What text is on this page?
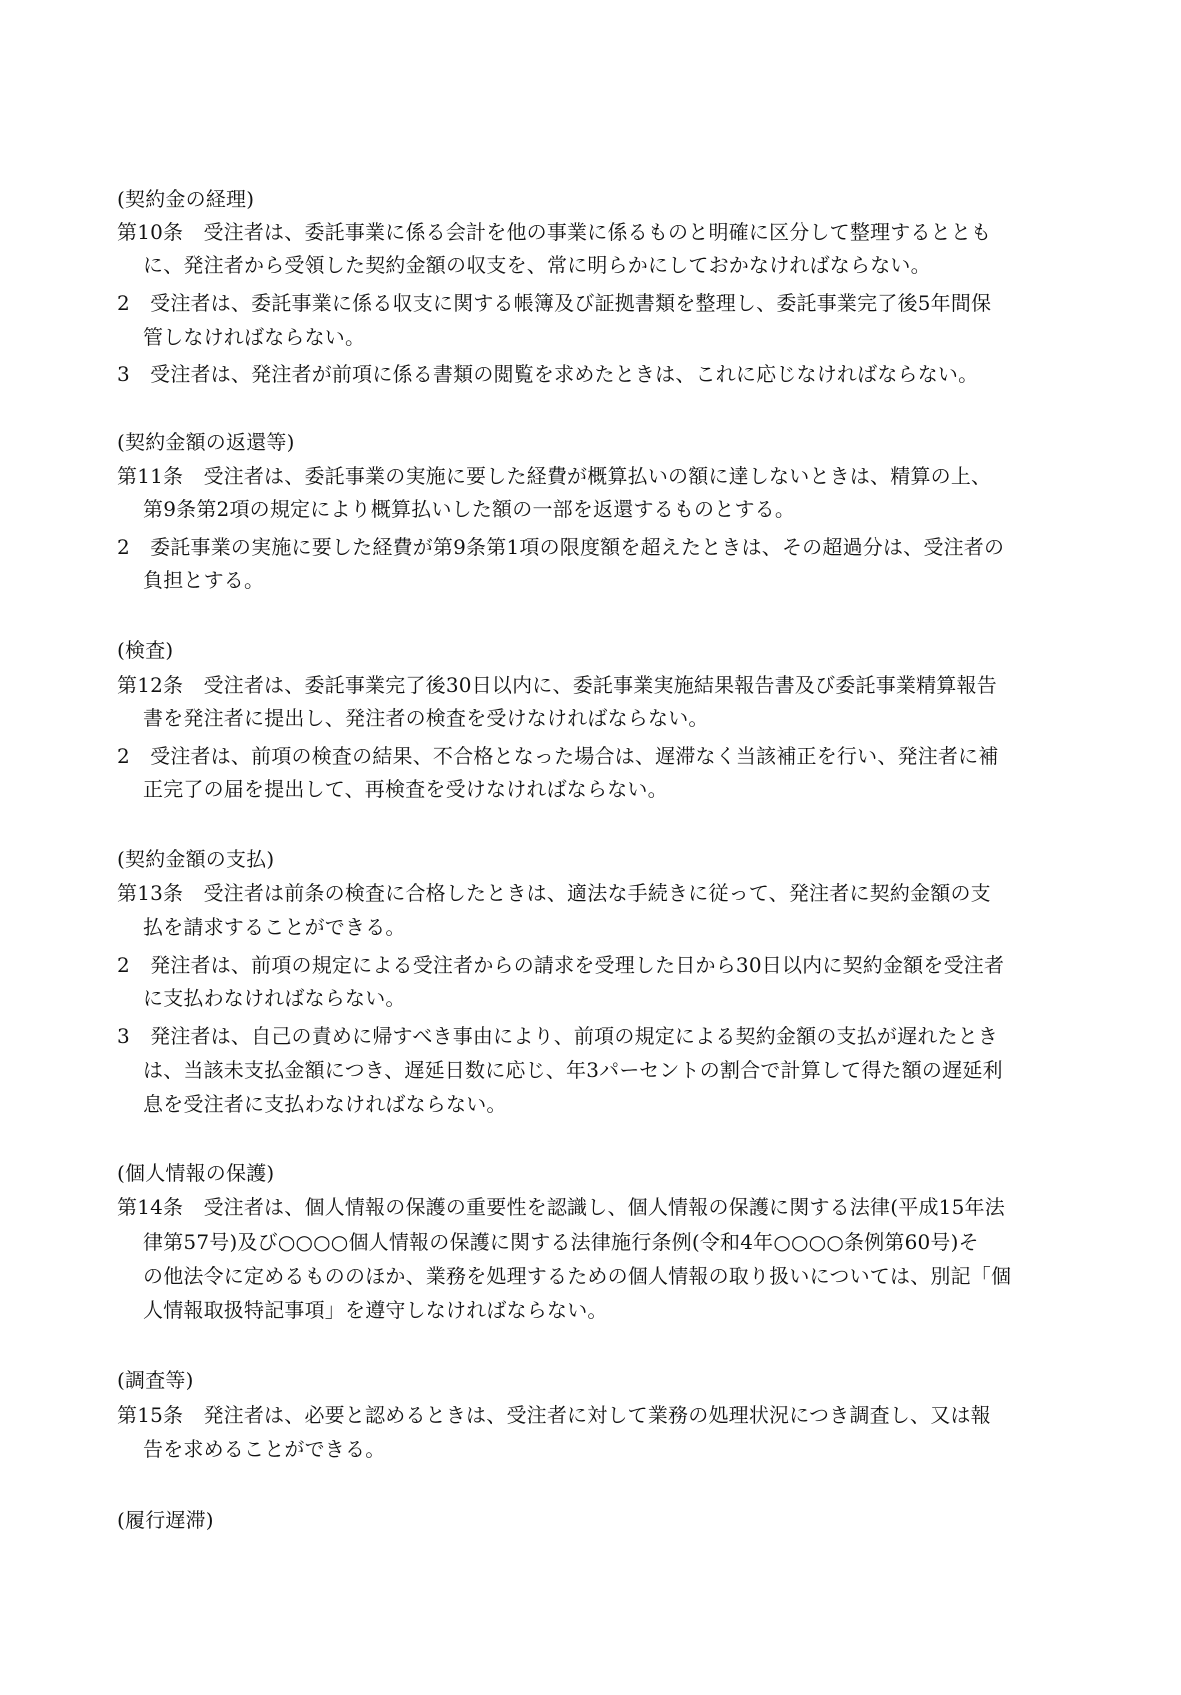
(契約金の経理)
第10条　受注者は、委託事業に係る会計を他の事業に係るものと明確に区分して整理するととも
に、発注者から受領した契約金額の収支を、常に明らかにしておかなければならない。
2　受注者は、委託事業に係る収支に関する帳簿及び証拠書類を整理し、委託事業完了後5年間保
管しなければならない。
3　受注者は、発注者が前項に係る書類の閲覧を求めたときは、これに応じなければならない。
(契約金額の返還等)
第11条　受注者は、委託事業の実施に要した経費が概算払いの額に達しないときは、精算の上、
第9条第2項の規定により概算払いした額の一部を返還するものとする。
2　委託事業の実施に要した経費が第9条第1項の限度額を超えたときは、その超過分は、受注者の
負担とする。
(検査)
第12条　受注者は、委託事業完了後30日以内に、委託事業実施結果報告書及び委託事業精算報告
書を発注者に提出し、発注者の検査を受けなければならない。
2　受注者は、前項の検査の結果、不合格となった場合は、遅滞なく当該補正を行い、発注者に補
正完了の届を提出して、再検査を受けなければならない。
(契約金額の支払)
第13条　受注者は前条の検査に合格したときは、適法な手続きに従って、発注者に契約金額の支
払を請求することができる。
2　発注者は、前項の規定による受注者からの請求を受理した日から30日以内に契約金額を受注者
に支払わなければならない。
3　発注者は、自己の責めに帰すべき事由により、前項の規定による契約金額の支払が遅れたとき
は、当該未支払金額につき、遅延日数に応じ、年3パーセントの割合で計算して得た額の遅延利
息を受注者に支払わなければならない。
(個人情報の保護)
第14条　受注者は、個人情報の保護の重要性を認識し、個人情報の保護に関する法律(平成15年法
律第57号)及び○○○○個人情報の保護に関する法律施行条例(令和4年○○○○条例第60号)そ
の他法令に定めるもののほか、業務を処理するための個人情報の取り扱いについては、別記「個
人情報取扱特記事項」を遵守しなければならない。
(調査等)
第15条　発注者は、必要と認めるときは、受注者に対して業務の処理状況につき調査し、又は報
告を求めることができる。
(履行遅滞)
